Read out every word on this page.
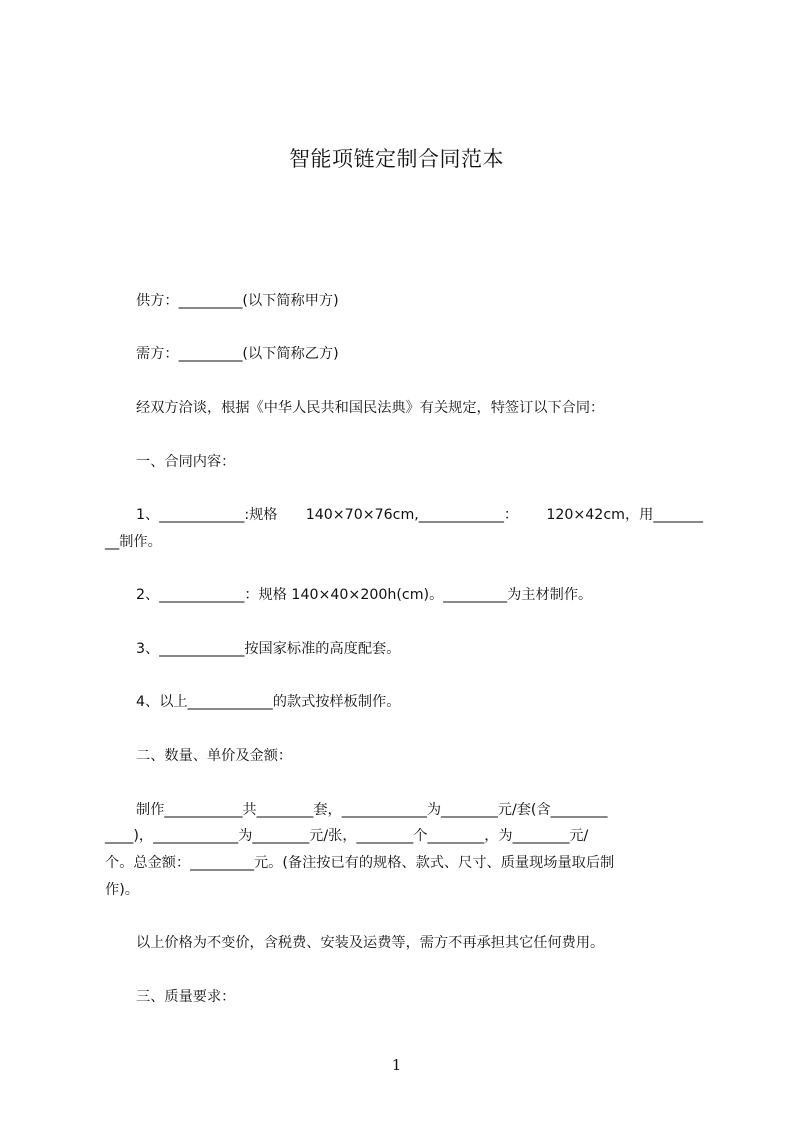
智能项链定制合同范本
供方：_________(以下简称甲方)
需方：_________(以下简称乙方)
经双方洽谈，根据《中华人民共和国民法典》有关规定，特签订以下合同：
一、合同内容：
1、____________:规格 140×70×76cm,____________： 120×42cm，用_______
__制作。
2、____________：规格 140×40×200h(cm)。_________为主材制作。
3、____________按国家标准的高度配套。
4、以上____________的款式按样板制作。
二、数量、单价及金额：
制作___________共________套，____________为________元/套(含________
____)，____________为________元/张，________个________，为________元/
个。总金额：_________元。(备注按已有的规格、款式、尺寸、质量现场量取后制
作)。
以上价格为不变价，含税费、安装及运费等，需方不再承担其它任何费用。
三、质量要求：
1
